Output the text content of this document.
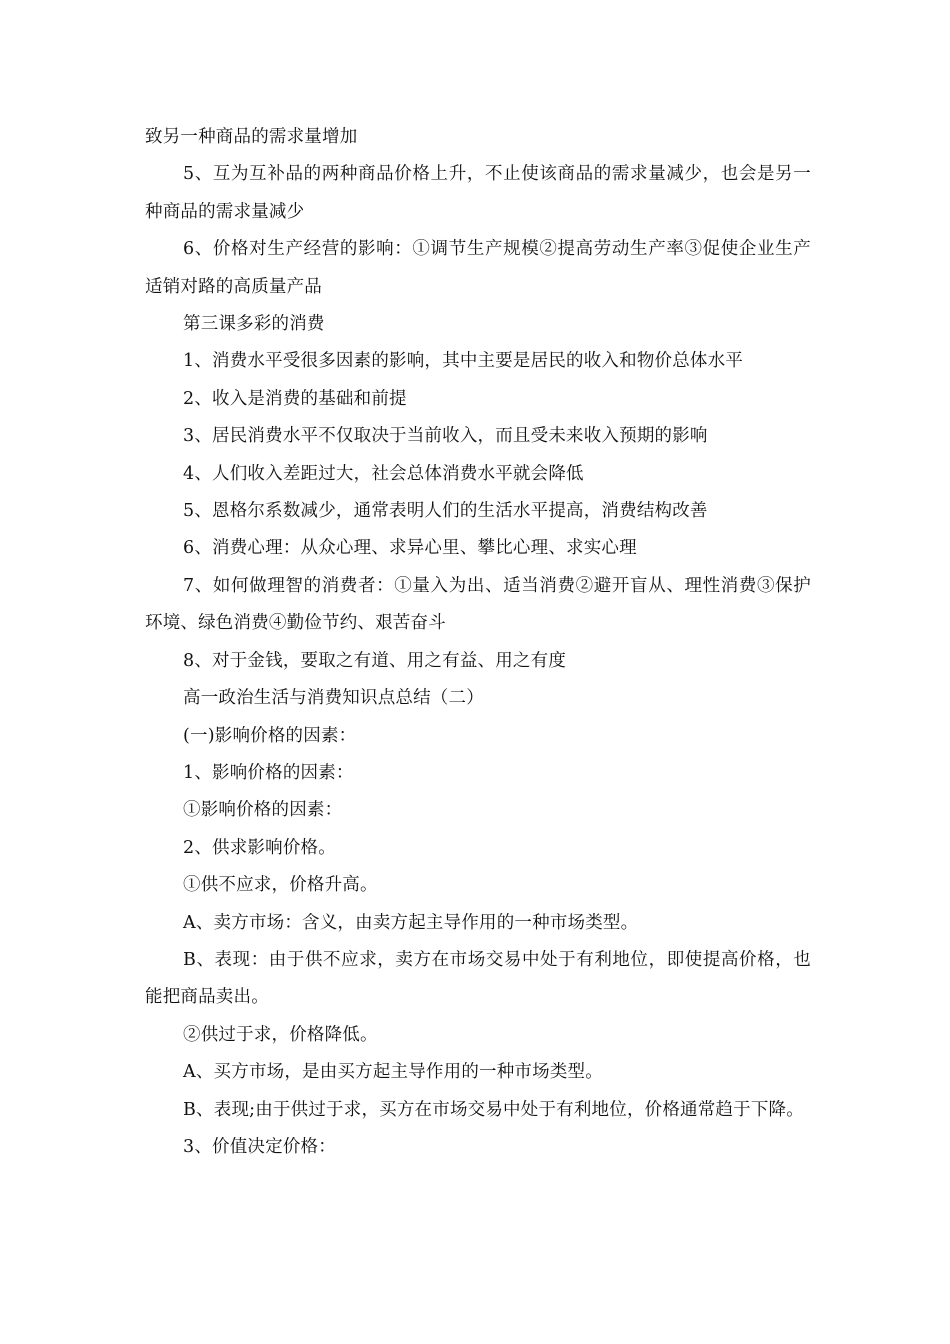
致另一种商品的需求量增加

5、互为互补品的两种商品价格上升，不止使该商品的需求量减少，也会是另一种商品的需求量减少

6、价格对生产经营的影响：①调节生产规模②提高劳动生产率③促使企业生产适销对路的高质量产品

第三课多彩的消费

1、消费水平受很多因素的影响，其中主要是居民的收入和物价总体水平

2、收入是消费的基础和前提

3、居民消费水平不仅取决于当前收入，而且受未来收入预期的影响

4、人们收入差距过大，社会总体消费水平就会降低

5、恩格尔系数减少，通常表明人们的生活水平提高，消费结构改善

6、消费心理：从众心理、求异心里、攀比心理、求实心理

7、如何做理智的消费者：①量入为出、适当消费②避开盲从、理性消费③保护环境、绿色消费④勤俭节约、艰苦奋斗

8、对于金钱，要取之有道、用之有益、用之有度

高一政治生活与消费知识点总结（二）

(一)影响价格的因素：

1、影响价格的因素：

①影响价格的因素：

2、供求影响价格。

①供不应求，价格升高。

A、卖方市场：含义，由卖方起主导作用的一种市场类型。

B、表现：由于供不应求，卖方在市场交易中处于有利地位，即使提高价格，也能把商品卖出。

②供过于求，价格降低。

A、买方市场，是由买方起主导作用的一种市场类型。

B、表现;由于供过于求，买方在市场交易中处于有利地位，价格通常趋于下降。

3、价值决定价格：
